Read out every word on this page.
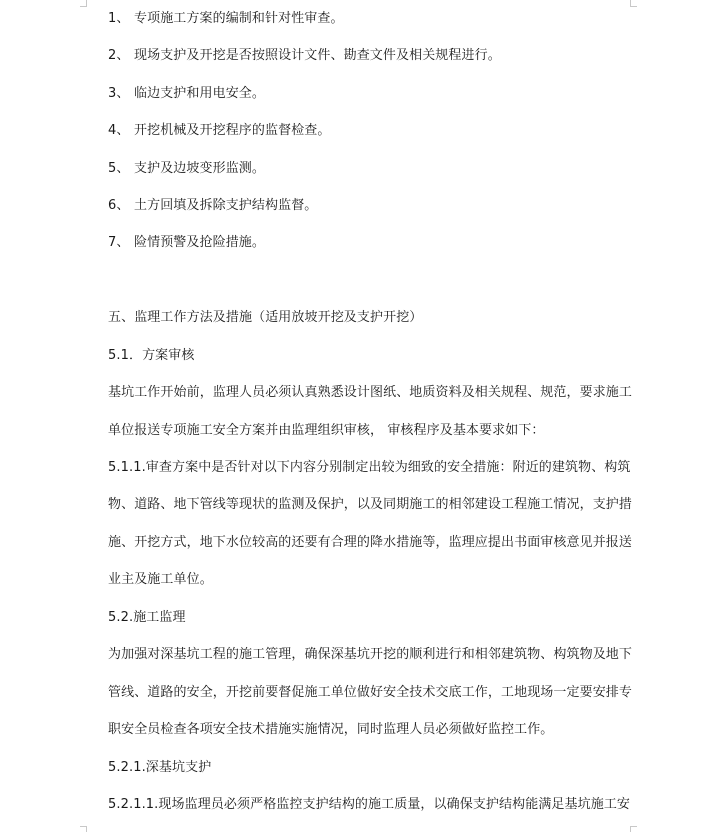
1、 专项施工方案的编制和针对性审查。
2、 现场支护及开挖是否按照设计文件、勘查文件及相关规程进行。
3、 临边支护和用电安全。
4、 开挖机械及开挖程序的监督检查。
5、 支护及边坡变形监测。
6、 土方回填及拆除支护结构监督。
7、 险情预警及抢险措施。
五、监理工作方法及措施（适用放坡开挖及支护开挖）
5.1．方案审核
基坑工作开始前，监理人员必须认真熟悉设计图纸、地质资料及相关规程、规范，要求施工
单位报送专项施工安全方案并由监理组织审核， 审核程序及基本要求如下：
5.1.1.审查方案中是否针对以下内容分别制定出较为细致的安全措施：附近的建筑物、构筑
物、道路、地下管线等现状的监测及保护，以及同期施工的相邻建设工程施工情况，支护措
施、开挖方式，地下水位较高的还要有合理的降水措施等，监理应提出书面审核意见并报送
业主及施工单位。
5.2.施工监理
为加强对深基坑工程的施工管理，确保深基坑开挖的顺利进行和相邻建筑物、构筑物及地下
管线、道路的安全，开挖前要督促施工单位做好安全技术交底工作，工地现场一定要安排专
职安全员检查各项安全技术措施实施情况，同时监理人员必须做好监控工作。
5.2.1.深基坑支护
5.2.1.1.现场监理员必须严格监控支护结构的施工质量，以确保支护结构能满足基坑施工安
